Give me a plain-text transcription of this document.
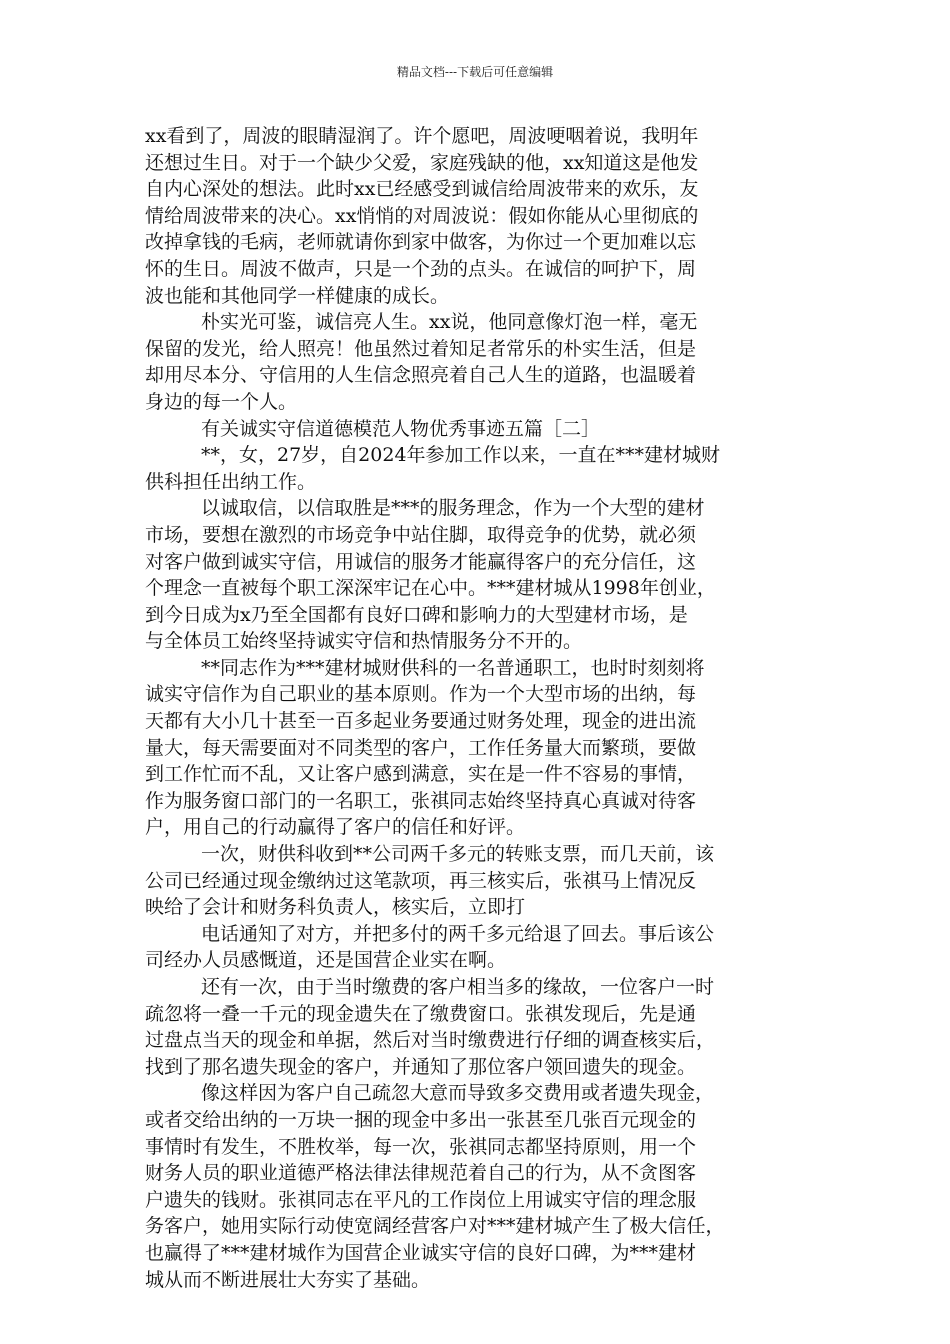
精品文档---下载后可任意编辑
xx看到了，周波的眼睛湿润了。许个愿吧，周波哽咽着说，我明年
还想过生日。对于一个缺少父爱，家庭残缺的他，xx知道这是他发
自内心深处的想法。此时xx已经感受到诚信给周波带来的欢乐，友
情给周波带来的决心。xx悄悄的对周波说：假如你能从心里彻底的
改掉拿钱的毛病，老师就请你到家中做客，为你过一个更加难以忘
怀的生日。周波不做声，只是一个劲的点头。在诚信的呵护下，周
波也能和其他同学一样健康的成长。
朴实光可鉴，诚信亮人生。xx说，他同意像灯泡一样，毫无
保留的发光，给人照亮！他虽然过着知足者常乐的朴实生活，但是
却用尽本分、守信用的人生信念照亮着自己人生的道路，也温暖着
身边的每一个人。
有关诚实守信道德模范人物优秀事迹五篇［二］
**，女，27岁，自2024年参加工作以来，一直在***建材城财
供科担任出纳工作。
以诚取信，以信取胜是***的服务理念，作为一个大型的建材
市场，要想在激烈的市场竞争中站住脚，取得竞争的优势，就必须
对客户做到诚实守信，用诚信的服务才能赢得客户的充分信任，这
个理念一直被每个职工深深牢记在心中。***建材城从1998年创业，
到今日成为x乃至全国都有良好口碑和影响力的大型建材市场，是
与全体员工始终坚持诚实守信和热情服务分不开的。
**同志作为***建材城财供科的一名普通职工，也时时刻刻将
诚实守信作为自己职业的基本原则。作为一个大型市场的出纳，每
天都有大小几十甚至一百多起业务要通过财务处理，现金的进出流
量大，每天需要面对不同类型的客户，工作任务量大而繁琐，要做
到工作忙而不乱，又让客户感到满意，实在是一件不容易的事情，
作为服务窗口部门的一名职工，张祺同志始终坚持真心真诚对待客
户，用自己的行动赢得了客户的信任和好评。
一次，财供科收到**公司两千多元的转账支票，而几天前，该
公司已经通过现金缴纳过这笔款项，再三核实后，张祺马上情况反
映给了会计和财务科负责人，核实后，立即打
电话通知了对方，并把多付的两千多元给退了回去。事后该公
司经办人员感慨道，还是国营企业实在啊。
还有一次，由于当时缴费的客户相当多的缘故，一位客户一时
疏忽将一叠一千元的现金遗失在了缴费窗口。张祺发现后，先是通
过盘点当天的现金和单据，然后对当时缴费进行仔细的调查核实后，
找到了那名遗失现金的客户，并通知了那位客户领回遗失的现金。
像这样因为客户自己疏忽大意而导致多交费用或者遗失现金，
或者交给出纳的一万块一捆的现金中多出一张甚至几张百元现金的
事情时有发生，不胜枚举，每一次，张祺同志都坚持原则，用一个
财务人员的职业道德严格法律法律规范着自己的行为，从不贪图客
户遗失的钱财。张祺同志在平凡的工作岗位上用诚实守信的理念服
务客户，她用实际行动使宽阔经营客户对***建材城产生了极大信任，
也赢得了***建材城作为国营企业诚实守信的良好口碑，为***建材
城从而不断进展壮大夯实了基础。
